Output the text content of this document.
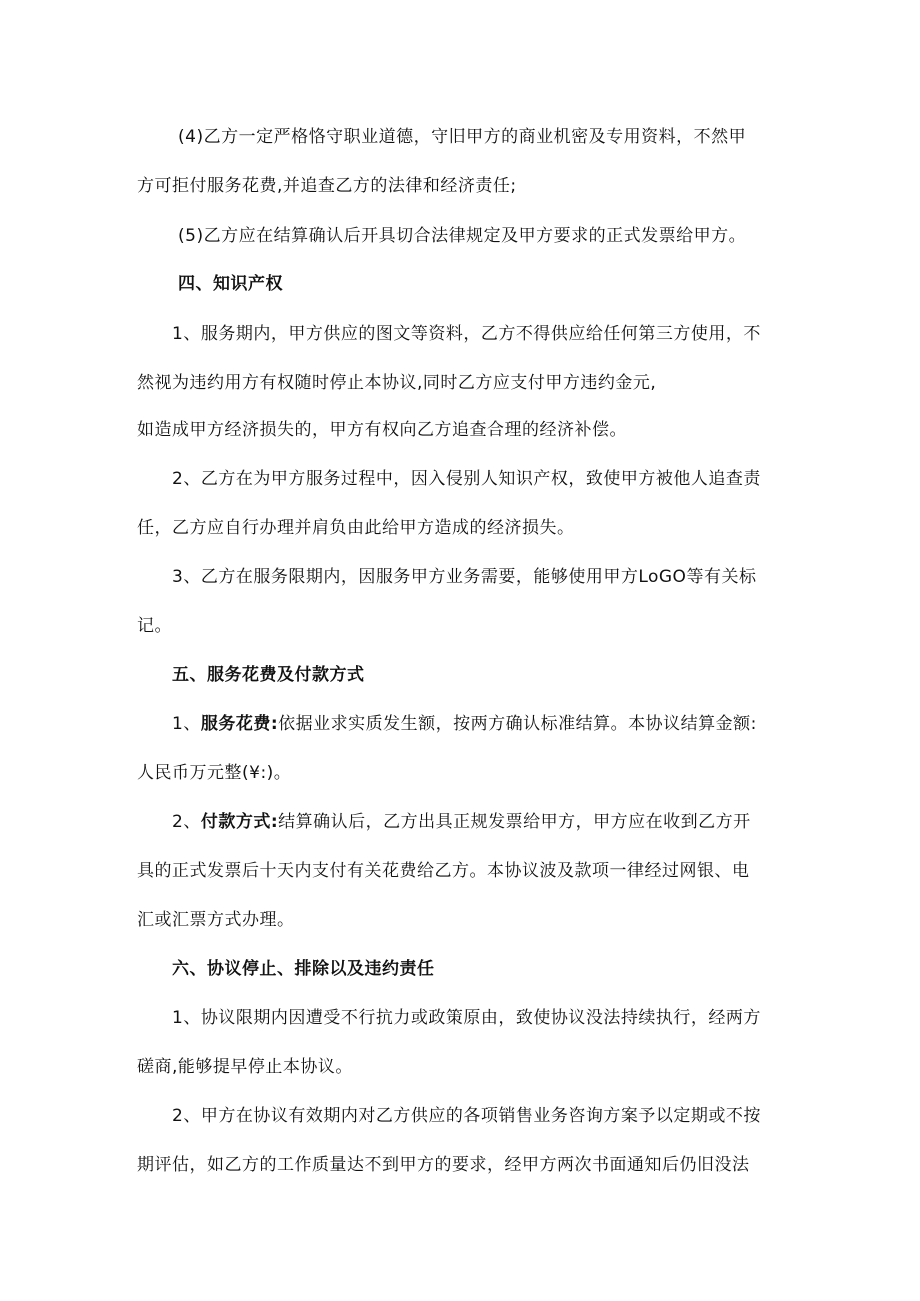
(4)乙方一定严格恪守职业道德，守旧甲方的商业机密及专用资料，不然甲
方可拒付服务花费,并追查乙方的法律和经济责任;
(5)乙方应在结算确认后开具切合法律规定及甲方要求的正式发票给甲方。
四、知识产权
1、服务期内，甲方供应的图文等资料，乙方不得供应给任何第三方使用，不
然视为违约用方有权随时停止本协议,同时乙方应支付甲方违约金元,
如造成甲方经济损失的，甲方有权向乙方追查合理的经济补偿。
2、乙方在为甲方服务过程中，因入侵别人知识产权，致使甲方被他人追查责
任，乙方应自行办理并肩负由此给甲方造成的经济损失。
3、乙方在服务限期内，因服务甲方业务需要，能够使用甲方LoGO等有关标
记。
五、服务花费及付款方式
1、服务花费:依据业求实质发生额，按两方确认标准结算。本协议结算金额:
人民币万元整(¥:)。
2、付款方式:结算确认后，乙方出具正规发票给甲方，甲方应在收到乙方开
具的正式发票后十天内支付有关花费给乙方。本协议波及款项一律经过网银、电
汇或汇票方式办理。
六、协议停止、排除以及违约责任
1、协议限期内因遭受不行抗力或政策原由，致使协议没法持续执行，经两方
磋商,能够提早停止本协议。
2、甲方在协议有效期内对乙方供应的各项销售业务咨询方案予以定期或不按
期评估，如乙方的工作质量达不到甲方的要求，经甲方两次书面通知后仍旧没法
